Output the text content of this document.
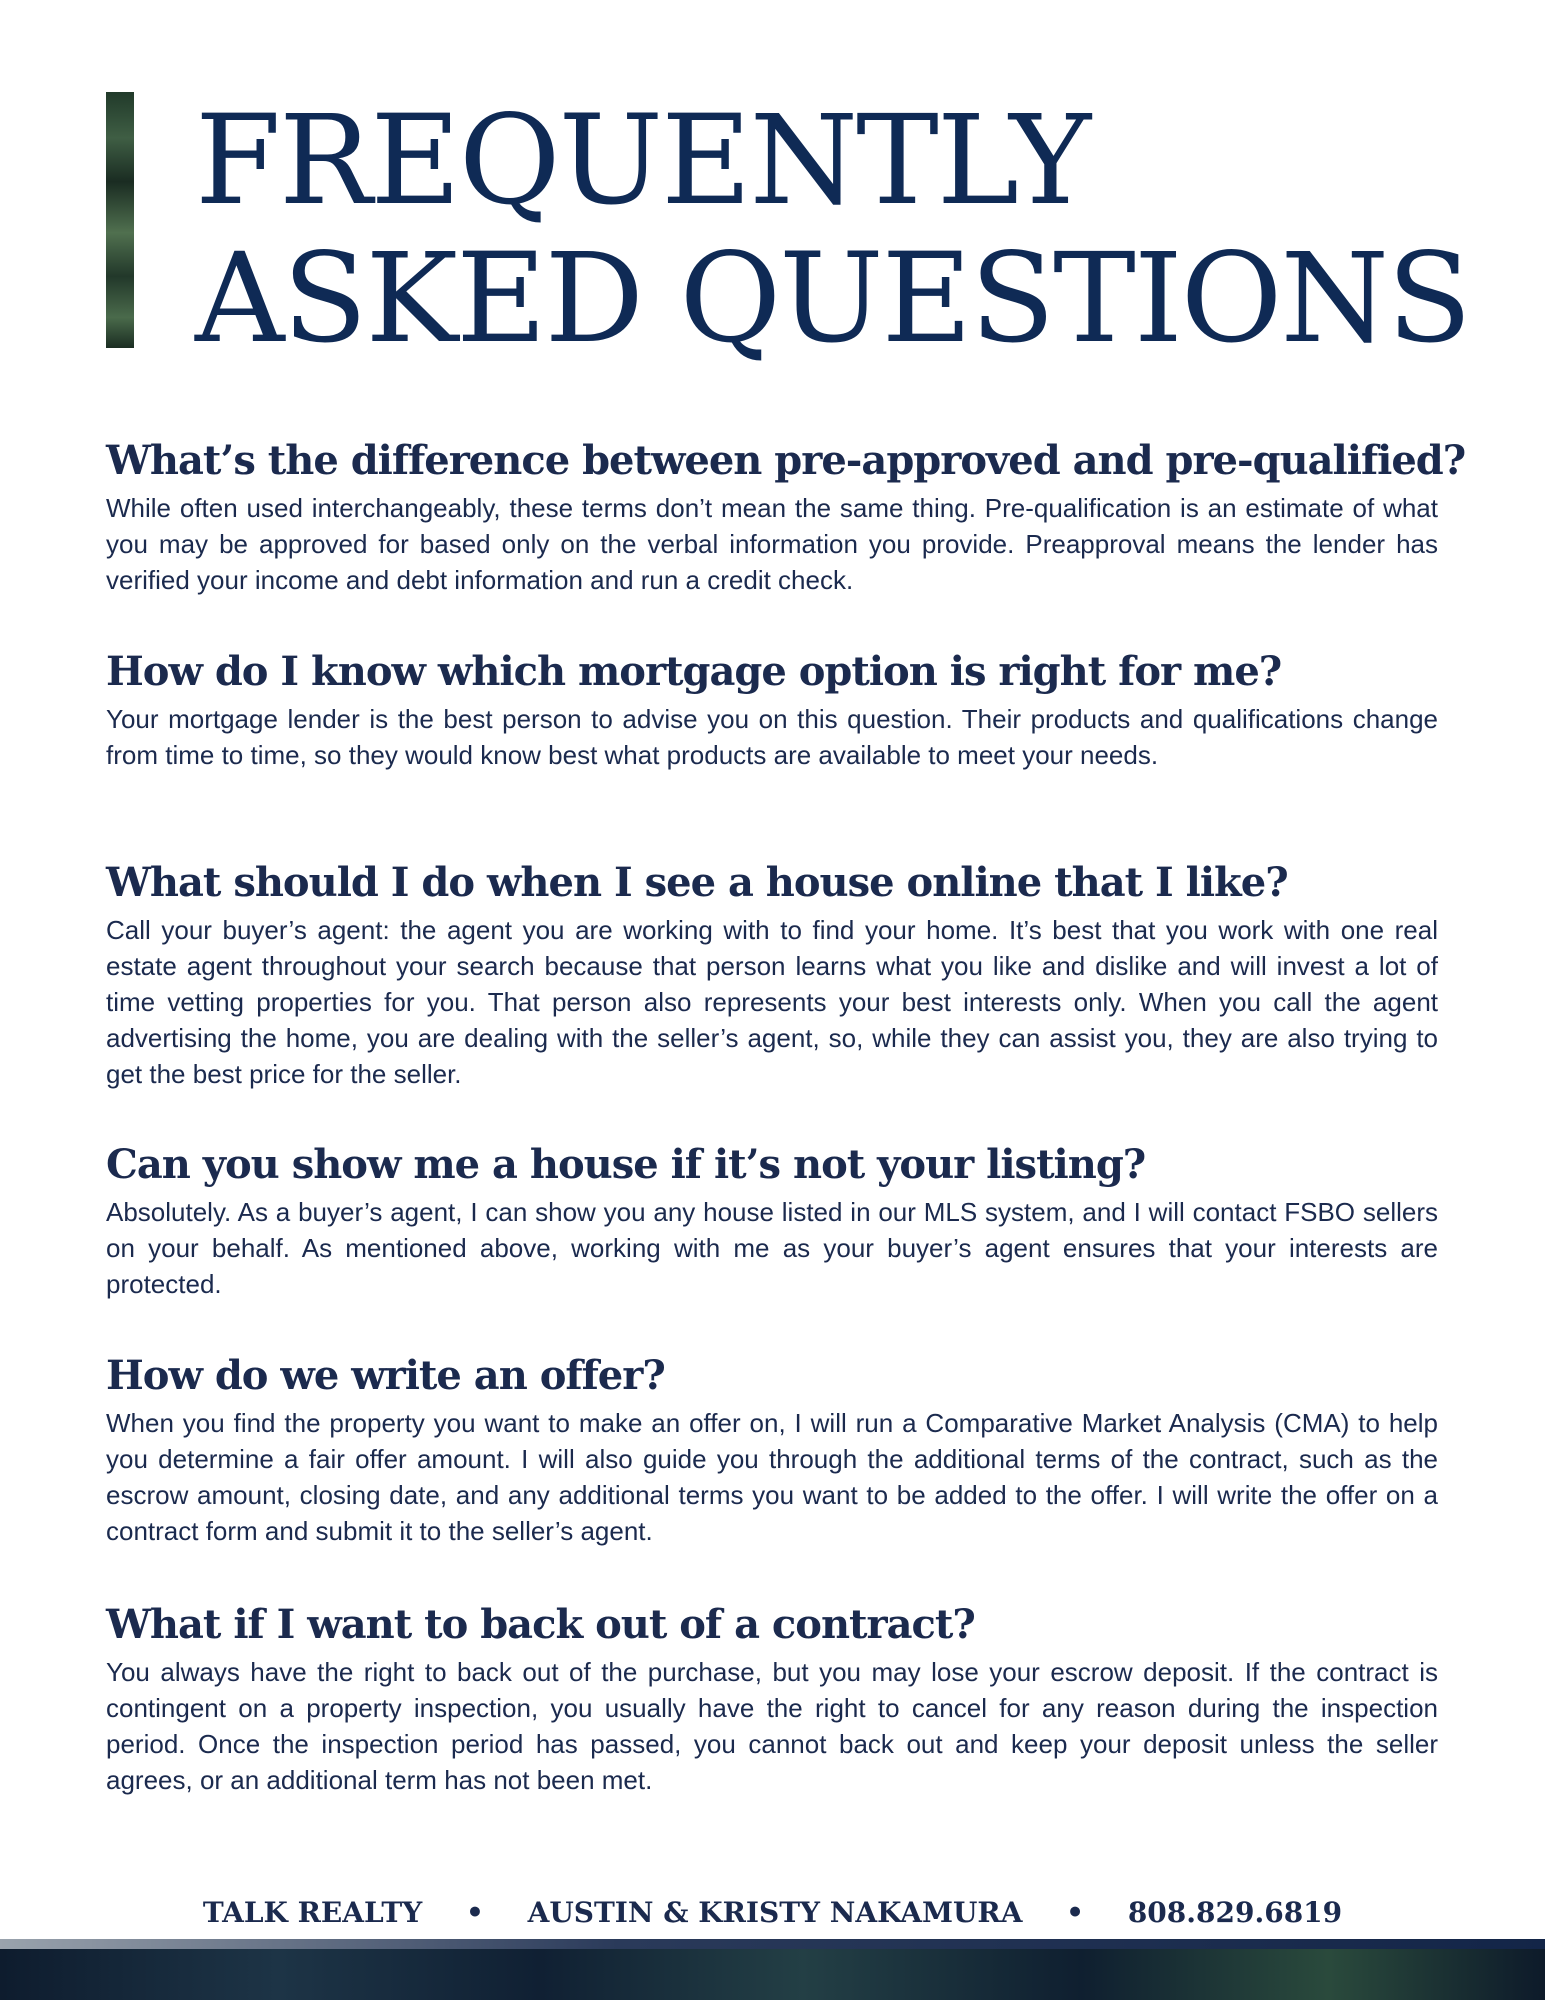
FREQUENTLY
ASKED QUESTIONS
What’s the difference between pre-approved and pre-qualified?

While often used interchangeably, these terms don’t mean the same thing. Pre-qualification is an estimate of what you may be approved for based only on the verbal information you provide. Preapproval means the lender has verified your income and debt information and run a credit check.

How do I know which mortgage option is right for me?

Your mortgage lender is the best person to advise you on this question. Their products and qualifications change from time to time, so they would know best what products are available to meet your needs.

What should I do when I see a house online that I like?

Call your buyer’s agent: the agent you are working with to find your home. It’s best that you work with one real estate agent throughout your search because that person learns what you like and dislike and will invest a lot of time vetting properties for you. That person also represents your best interests only. When you call the agent advertising the home, you are dealing with the seller’s agent, so, while they can assist you, they are also trying to get the best price for the seller.

Can you show me a house if it’s not your listing?

Absolutely. As a buyer’s agent, I can show you any house listed in our MLS system, and I will contact FSBO sellers on your behalf. As mentioned above, working with me as your buyer’s agent ensures that your interests are protected.

How do we write an offer?

When you find the property you want to make an offer on, I will run a Comparative Market Analysis (CMA) to help you determine a fair offer amount. I will also guide you through the additional terms of the contract, such as the escrow amount, closing date, and any additional terms you want to be added to the offer. I will write the offer on a contract form and submit it to the seller’s agent.

What if I want to back out of a contract?

You always have the right to back out of the purchase, but you may lose your escrow deposit. If the contract is contingent on a property inspection, you usually have the right to cancel for any reason during the inspection period. Once the inspection period has passed, you cannot back out and keep your deposit unless the seller agrees, or an additional term has not been met.

TALK REALTY • AUSTIN & KRISTY NAKAMURA • 808.829.6819
